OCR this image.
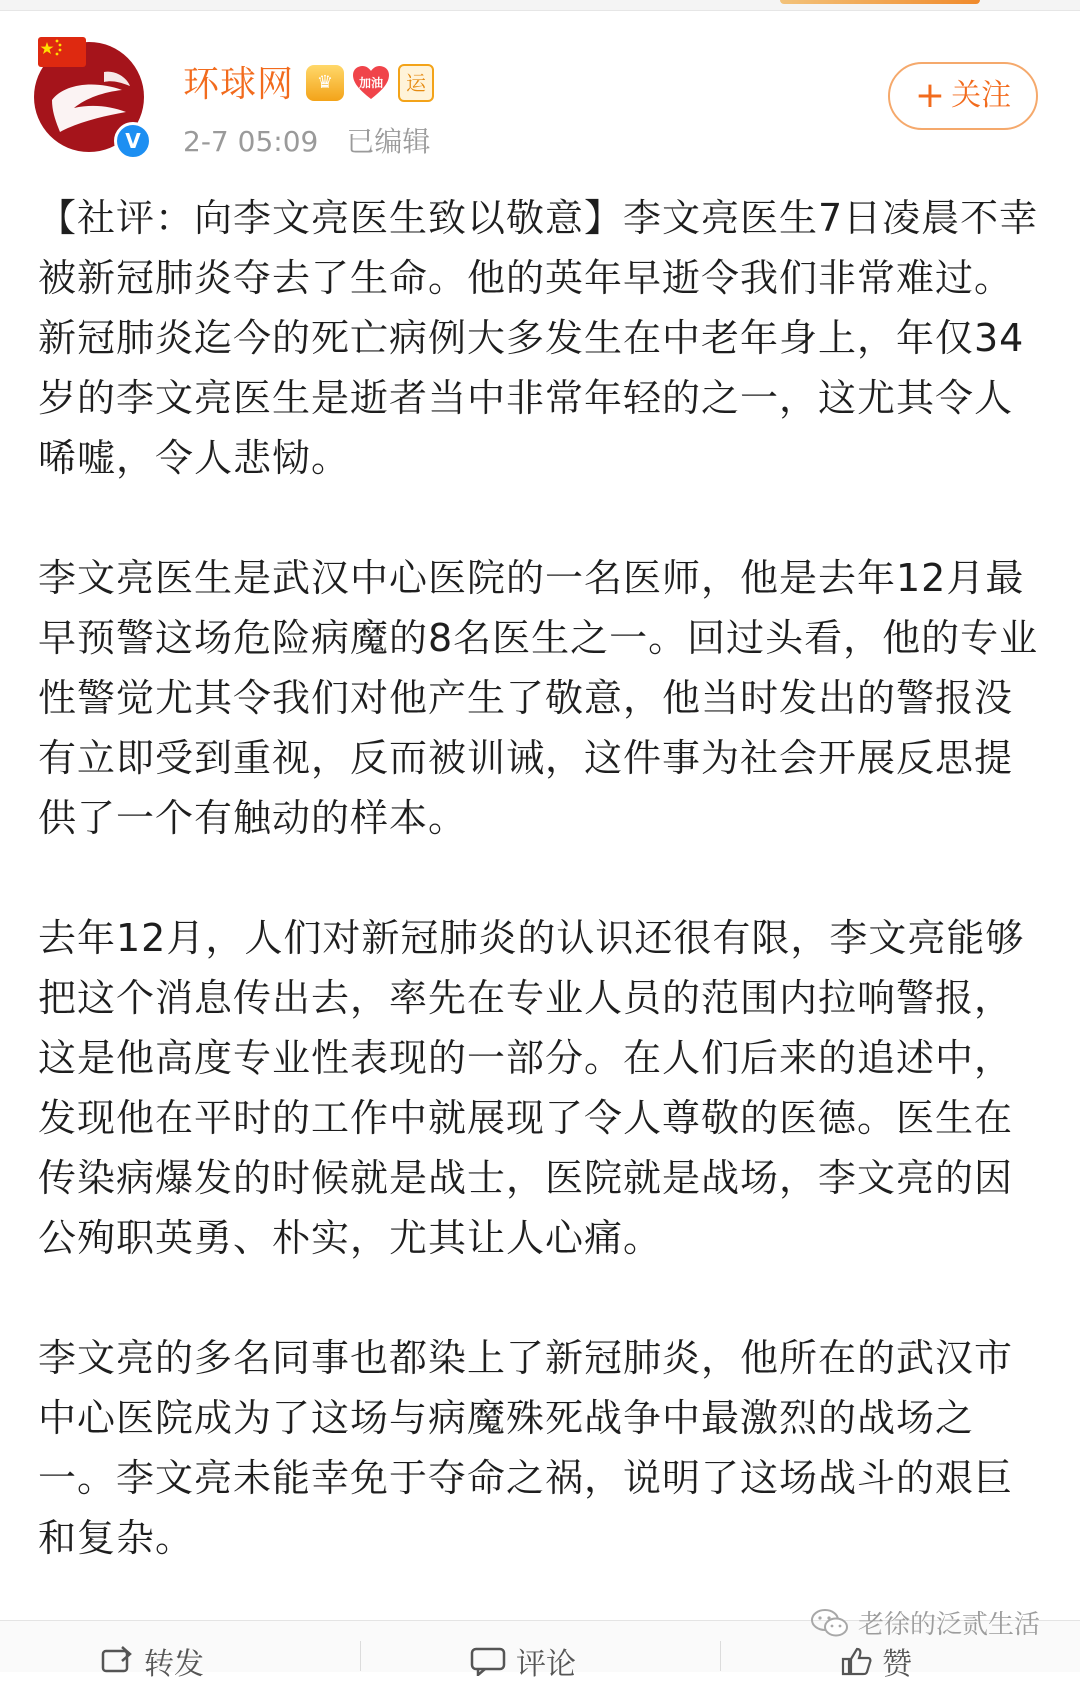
V
环球网	♛	加油	运
2-7 05:09 已编辑
+ 关注

【社评：向李文亮医生致以敬意】李文亮医生7日凌晨不幸被新冠肺炎夺去了生命。他的英年早逝令我们非常难过。新冠肺炎迄今的死亡病例大多发生在中老年身上，年仅34岁的李文亮医生是逝者当中非常年轻的之一，这尤其令人唏嘘，令人悲恸。

李文亮医生是武汉中心医院的一名医师，他是去年12月最早预警这场危险病魔的8名医生之一。回过头看，他的专业性警觉尤其令我们对他产生了敬意，他当时发出的警报没有立即受到重视，反而被训诫，这件事为社会开展反思提供了一个有触动的样本。

去年12月，人们对新冠肺炎的认识还很有限，李文亮能够把这个消息传出去，率先在专业人员的范围内拉响警报，这是他高度专业性表现的一部分。在人们后来的追述中，发现他在平时的工作中就展现了令人尊敬的医德。医生在传染病爆发的时候就是战士，医院就是战场，李文亮的因公殉职英勇、朴实，尤其让人心痛。

李文亮的多名同事也都染上了新冠肺炎，他所在的武汉市中心医院成为了这场与病魔殊死战争中最激烈的战场之一。李文亮未能幸免于夺命之祸，说明了这场战斗的艰巨和复杂。

转发	评论	赞
老徐的泛贰生活
